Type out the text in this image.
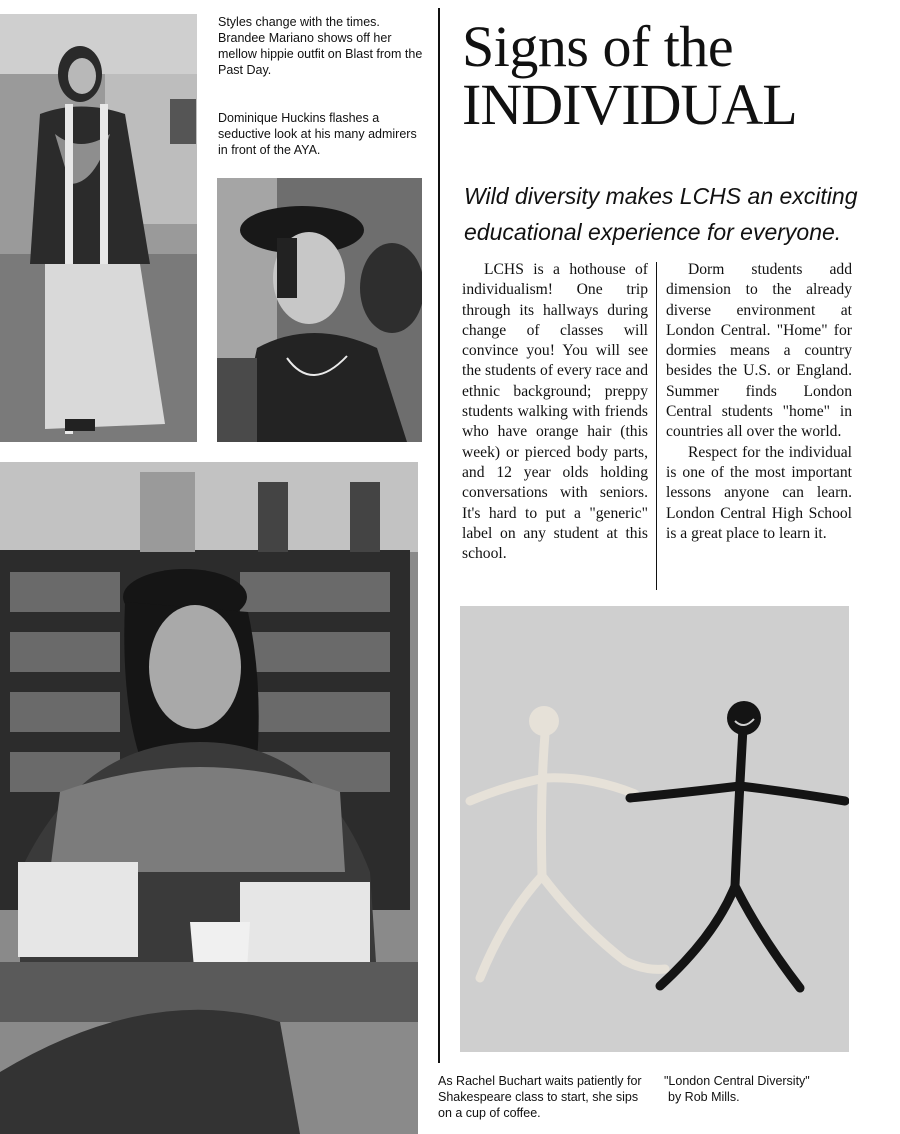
Styles change with the times. Brandee Mariano shows off her mellow hippie outfit on Blast from the Past Day.

Dominique Huckins flashes a seductive look at his many admirers in front of the AYA.

As Rachel Buchart waits patiently for Shakespeare class to start, she sips on a cup of coffee.

"London Central Diversity"

by Rob Mills.

Signs of the
INDIVIDUAL

Wild diversity makes LCHS an exciting educational experience for everyone.

LCHS is a hothouse of individualism! One trip through its hallways during change of classes will convince you! You will see the students of every race and ethnic background; preppy students walking with friends who have orange hair (this week) or pierced body parts, and 12 year olds holding conversations with seniors. It's hard to put a "generic" label on any student at this school.

Dorm students add dimension to the already diverse environment at London Central. "Home" for dormies means a country besides the U.S. or England. Summer finds London Central students "home" in countries all over the world.

Respect for the individual is one of the most important lessons anyone can learn. London Central High School is a great place to learn it.
